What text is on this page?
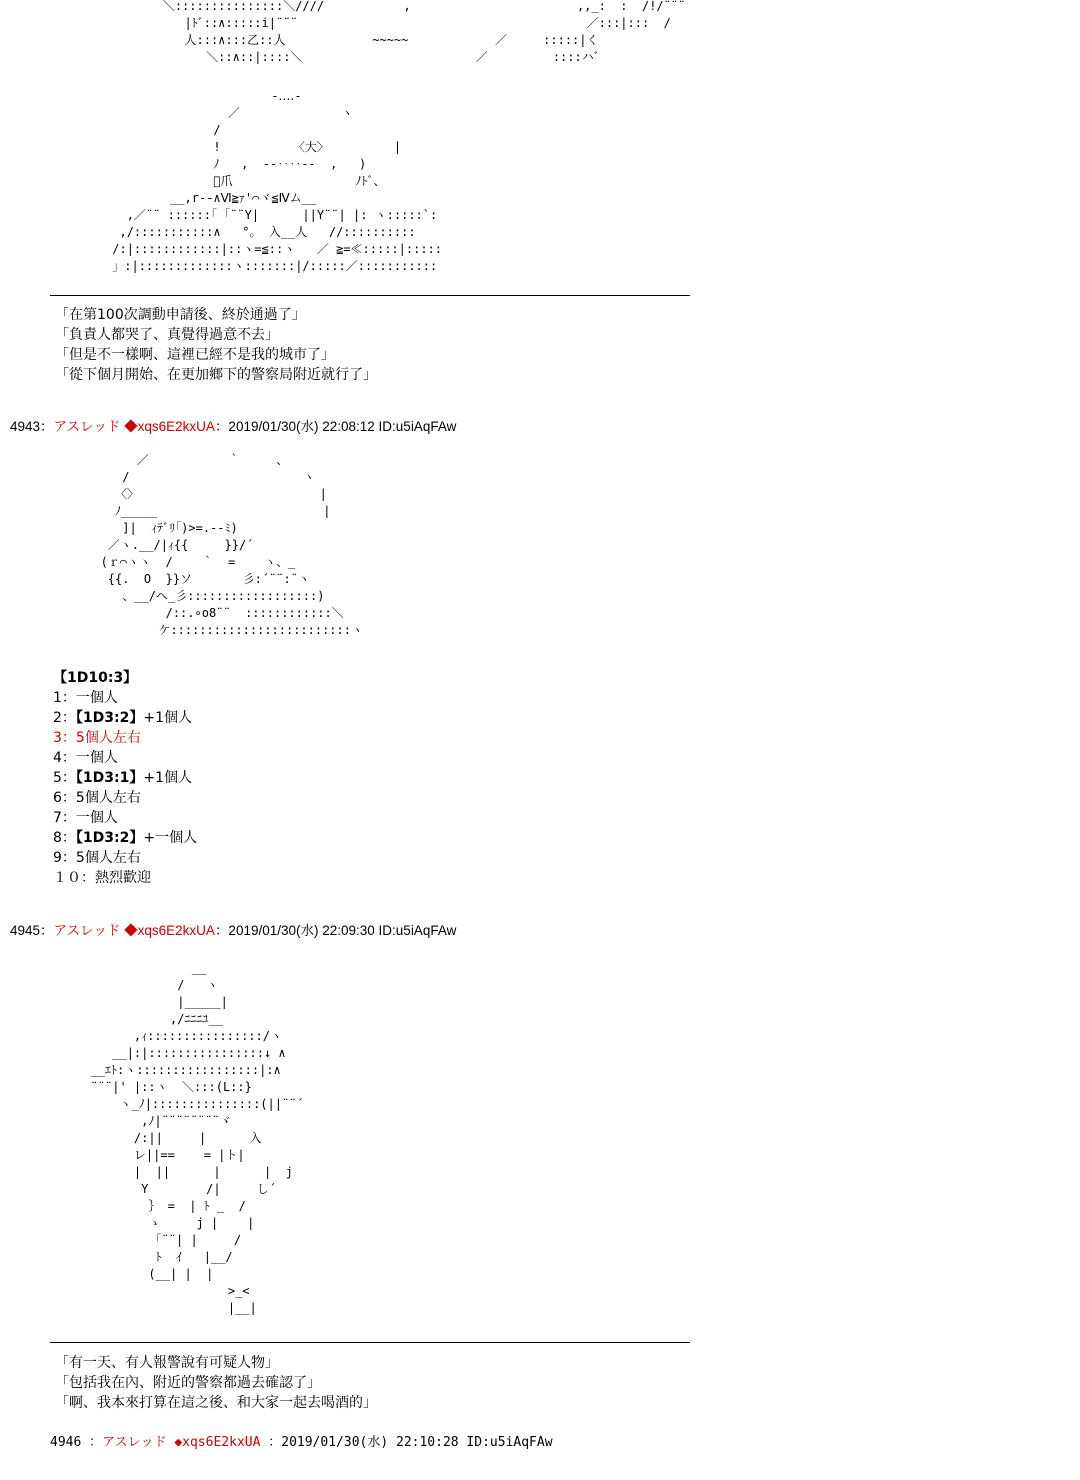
＼:::::::::::::::＼////           ,                       ,,_:  :  /!/¨¨¨
|ﾄﾞ::∧:::::i|¨¨¨                                        ／:::|:::  /
人:::∧:::乙::人            ~~~~~            ／     :::::|く
＼::∧::|::::＼                        ／         ::::ハﾞ
-‥‥-
／              ヽ
/
!          〈大〉         |
ﾉ   ,  -‐‥‥‐-  ,   )
ﾞ爪                 ﾉﾄﾞ、
__,r-‐∧Ⅵ≧ｧ'⌒ヾ≦Ⅳム__
,／¨¨ ::::::｢ ｢¨¨Y|      ||Y¨¨| |: ヽ:::::`:
,/:::::::::::∧   °。 入__人   //::::::::::
/:|::::::::::::|::ヽ=≦::ヽ   ／ ≧=≪:::::|:::::
」:|:::::::::::::ヽ:::::::|/:::::／:::::::::::
「在第100次調動申請後、終於通過了」
「負責人都哭了、真覺得過意不去」
「但是不一樣啊、這裡已經不是我的城市了」
「從下個月開始、在更加鄉下的警察局附近就行了」
4943：アスレッド ◆xqs6E2kxUA：2019/01/30(水) 22:08:12 ID:u5iAqFAw
／           ｀     、
/                        ヽ
〈〉                         |
ﾉ_____                       |
]|  ｨﾃﾞﾘ｢)>=.--ﾐ)
／ヽ.__/|ｨ{{     }}/´
(ｒ⌒ヽヽ  /    ｀  =    ヽ、_
{{.  O  }}ソ       彡:´¨¨:¨ヽ
、__/へ_彡::::::::::::::::::)
/::.∘o8¨¨  ::::::::::::＼
ケ:::::::::::::::::::::::::ヽ
【1D10:3】
1：一個人
2：【1D3:2】+1個人
3：5個人左右
4：一個人
5：【1D3:1】+1個人
6：5個人左右
7：一個人
8：【1D3:2】+一個人
9：5個人左右
１０：熱烈歡迎
4945：アスレッド ◆xqs6E2kxUA：2019/01/30(水) 22:09:30 ID:u5iAqFAw
__
/   ヽ
|_____|
,/ﾆﾆﾆﾕ__
,ｨ::::::::::::::::/ヽ
__|:|::::::::::::::::↓ ∧
__ｴﾄ:ヽ:::::::::::::::::|:∧
¨¨¨|' |::ヽ  ＼:::(L::}
ヽ_ﾉ|:::::::::::::::(||¨¨´
,ﾉ|¨¨¨¨¨¨¨¨ヾ
/:||     |      入
レ||==    = |ト|
|  ||      |      |  j
Y        /|     し´
｝ =  | ﾄ _  /
ゝ     j |    |
｢¨¨| |     /
ﾄ  ｲ   |__/
(__| |  |
>_<
|__|
「有一天、有人報警說有可疑人物」
「包括我在內、附近的警察都過去確認了」
「啊、我本來打算在這之後、和大家一起去喝酒的」
4946 ：アスレッド ◆xqs6E2kxUA ：2019/01/30(水) 22:10:28 ID:u5iAqFAw
